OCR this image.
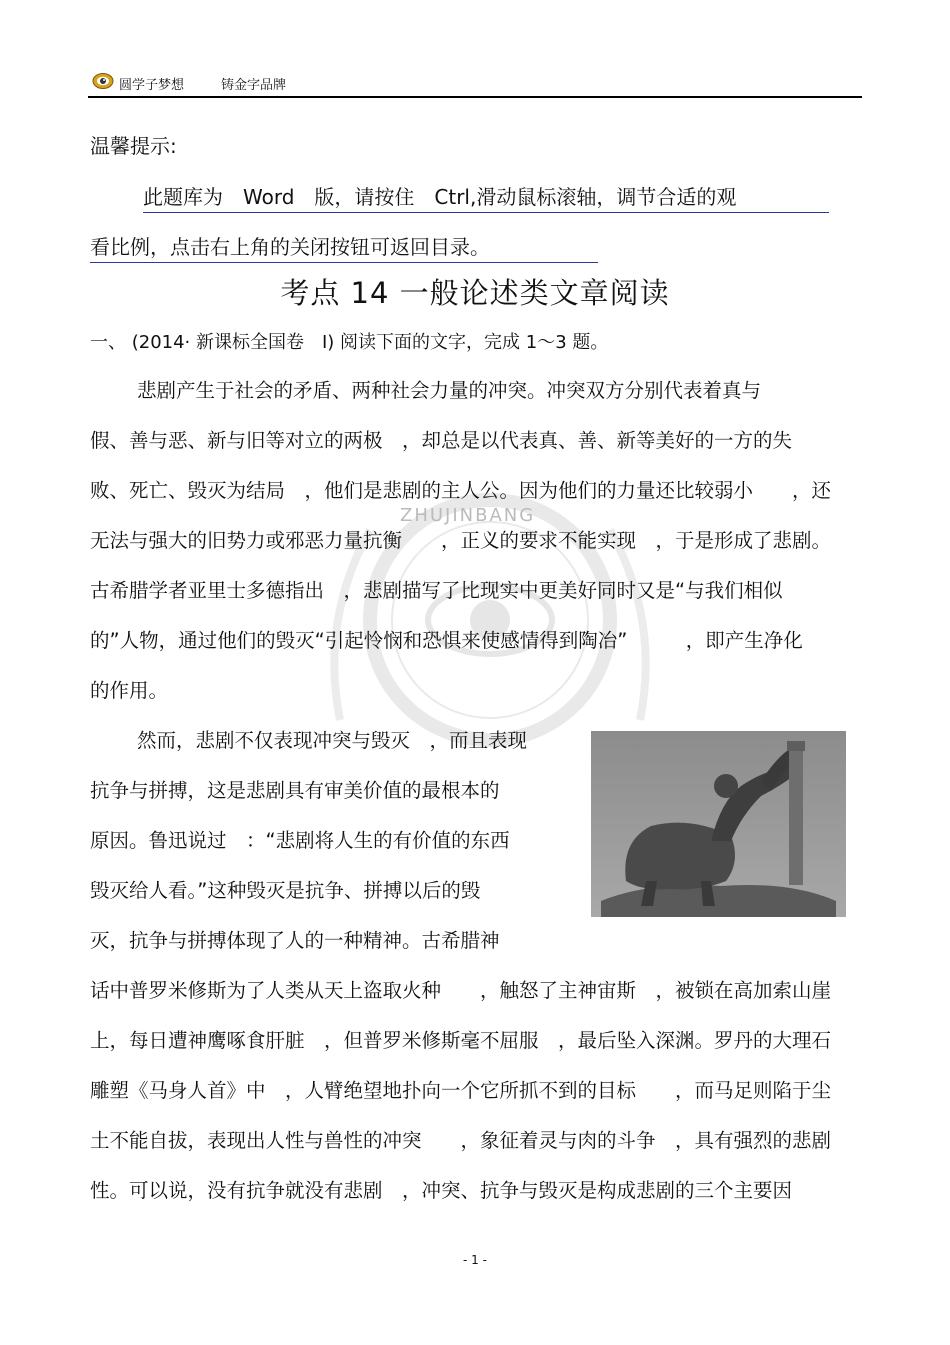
圆学子梦想	铸金字品牌
ZHUJINBANG
温馨提示:
此题库为　Word　版，请按住　Ctrl,滑动鼠标滚轴，调节合适的观
看比例，点击右上角的关闭按钮可返回目录。
考点 14 一般论述类文章阅读
一、 (2014· 新课标全国卷　I) 阅读下面的文字，完成 1～3 题。
悲剧产生于社会的矛盾、两种社会力量的冲突。冲突双方分别代表着真与
假、善与恶、新与旧等对立的两极　，却总是以代表真、善、新等美好的一方的失
败、死亡、毁灭为结局　，他们是悲剧的主人公。因为他们的力量还比较弱小　　，还
无法与强大的旧势力或邪恶力量抗衡　　，正义的要求不能实现　，于是形成了悲剧。
古希腊学者亚里士多德指出　，悲剧描写了比现实中更美好同时又是“与我们相似
的”人物，通过他们的毁灭“引起怜悯和恐惧来使感情得到陶冶”　　　，即产生净化
的作用。
然而，悲剧不仅表现冲突与毁灭　，而且表现
抗争与拼搏，这是悲剧具有审美价值的最根本的
原因。鲁迅说过　：“悲剧将人生的有价值的东西
毁灭给人看。”这种毁灭是抗争、拼搏以后的毁
灭，抗争与拼搏体现了人的一种精神。古希腊神
话中普罗米修斯为了人类从天上盗取火种　　，触怒了主神宙斯　，被锁在高加索山崖
上，每日遭神鹰啄食肝脏　，但普罗米修斯毫不屈服　，最后坠入深渊。罗丹的大理石
雕塑《马身人首》中　，人臂绝望地扑向一个它所抓不到的目标　　，而马足则陷于尘
土不能自拔，表现出人性与兽性的冲突　　，象征着灵与肉的斗争　，具有强烈的悲剧
性。可以说，没有抗争就没有悲剧　，冲突、抗争与毁灭是构成悲剧的三个主要因
- 1 -
